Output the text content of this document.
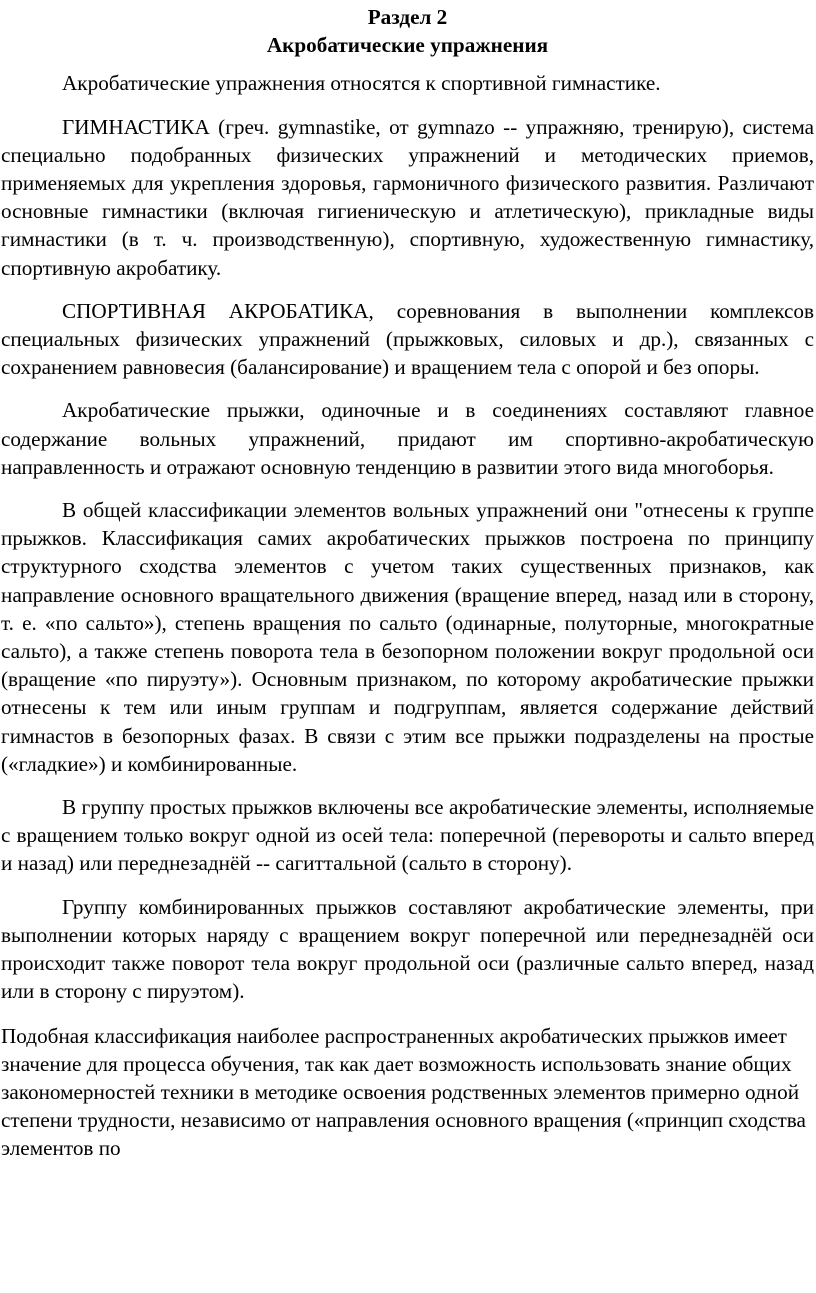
Раздел 2
Акробатические упражнения

Акробатические упражнения относятся к спортивной гимнастике.

ГИМНАСТИКА (греч. gymnastike, от gymnazo -- упражняю, тренирую), система специально подобранных физических упражнений и методических приемов, применяемых для укрепления здоровья, гармоничного физического развития. Различают основные гимнастики (включая гигиеническую и атлетическую), прикладные виды гимнастики (в т. ч. производственную), спортивную, художественную гимнастику, спортивную акробатику.

СПОРТИВНАЯ АКРОБАТИКА, соревнования в выполнении комплексов специальных физических упражнений (прыжковых, силовых и др.), связанных с сохранением равновесия (балансирование) и вращением тела с опорой и без опоры.

Акробатические прыжки, одиночные и в соединениях составляют главное содержание вольных упражнений, придают им спортивно-акробатическую направленность и отражают основную тенденцию в развитии этого вида многоборья.

В общей классификации элементов вольных упражнений они "отнесены к группе прыжков. Классификация самих акробатических прыжков построена по принципу структурного сходства элементов с учетом таких существенных признаков, как направление основного вращательного движения (вращение вперед, назад или в сторону, т. е. «по сальто»), степень вращения по сальто (одинарные, полуторные, многократные сальто), а также степень поворота тела в безопорном положении вокруг продольной оси (вращение «по пируэту»). Основным признаком, по которому акробатические прыжки отнесены к тем или иным группам и подгруппам, является содержание действий гимнастов в безопорных фазах. В связи с этим все прыжки подразделены на простые («гладкие») и комбинированные.

В группу простых прыжков включены все акробатические элементы, исполняемые с вращением только вокруг одной из осей тела: поперечной (перевороты и сальто вперед и назад) или переднезаднёй -- сагиттальной (сальто в сторону).

Группу комбинированных прыжков составляют акробатические элементы, при выполнении которых наряду с вращением вокруг поперечной или переднезаднёй оси происходит также поворот тела вокруг продольной оси (различные сальто вперед, назад или в сторону с пируэтом).

Подобная классификация наиболее распространенных акробатических прыжков имеет значение для процесса обучения, так как дает возможность использовать знание общих закономерностей техники в методике освоения родственных элементов примерно одной степени трудности, независимо от направления основного вращения («принцип сходства элементов по
